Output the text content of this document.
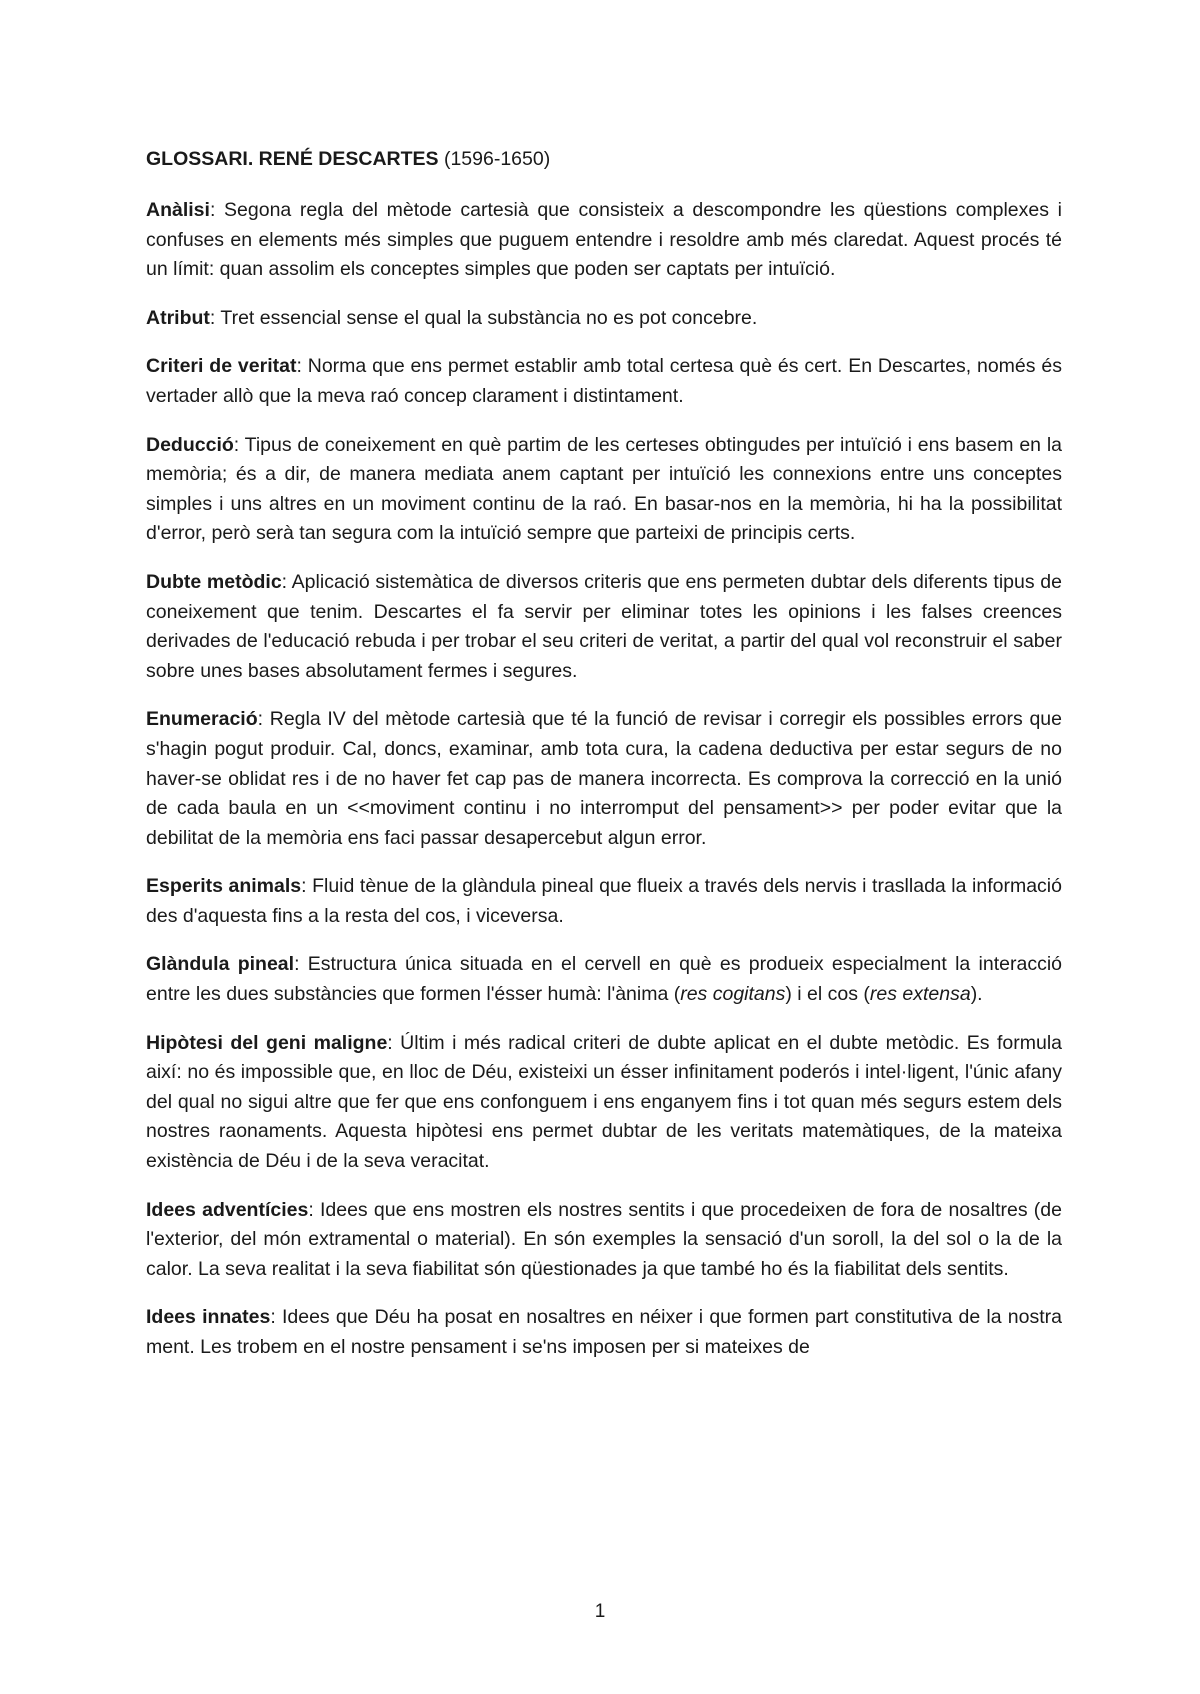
GLOSSARI. RENÉ DESCARTES (1596-1650)

Anàlisi: Segona regla del mètode cartesià que consisteix a descompondre les qüestions complexes i confuses en elements més simples que puguem entendre i resoldre amb més claredat. Aquest procés té un límit: quan assolim els conceptes simples que poden ser captats per intuïció.

Atribut: Tret essencial sense el qual la substància no es pot concebre.

Criteri de veritat: Norma que ens permet establir amb total certesa què és cert. En Descartes, només és vertader allò que la meva raó concep clarament i distintament.

Deducció: Tipus de coneixement en què partim de les certeses obtingudes per intuïció i ens basem en la memòria; és a dir, de manera mediata anem captant per intuïció les connexions entre uns conceptes simples i uns altres en un moviment continu de la raó. En basar-nos en la memòria, hi ha la possibilitat d'error, però serà tan segura com la intuïció sempre que parteixi de principis certs.

Dubte metòdic: Aplicació sistemàtica de diversos criteris que ens permeten dubtar dels diferents tipus de coneixement que tenim. Descartes el fa servir per eliminar totes les opinions i les falses creences derivades de l'educació rebuda i per trobar el seu criteri de veritat, a partir del qual vol reconstruir el saber sobre unes bases absolutament fermes i segures.

Enumeració: Regla IV del mètode cartesià que té la funció de revisar i corregir els possibles errors que s'hagin pogut produir. Cal, doncs, examinar, amb tota cura, la cadena deductiva per estar segurs de no haver-se oblidat res i de no haver fet cap pas de manera incorrecta. Es comprova la correcció en la unió de cada baula en un <<moviment continu i no interromput del pensament>> per poder evitar que la debilitat de la memòria ens faci passar desapercebut algun error.

Esperits animals: Fluid tènue de la glàndula pineal que flueix a través dels nervis i trasllada la informació des d'aquesta fins a la resta del cos, i viceversa.

Glàndula pineal: Estructura única situada en el cervell en què es produeix especialment la interacció entre les dues substàncies que formen l'ésser humà: l'ànima (res cogitans) i el cos (res extensa).

Hipòtesi del geni maligne: Últim i més radical criteri de dubte aplicat en el dubte metòdic. Es formula així: no és impossible que, en lloc de Déu, existeixi un ésser infinitament poderós i intel·ligent, l'únic afany del qual no sigui altre que fer que ens confonguem i ens enganyem fins i tot quan més segurs estem dels nostres raonaments. Aquesta hipòtesi ens permet dubtar de les veritats matemàtiques, de la mateixa existència de Déu i de la seva veracitat.

Idees adventícies: Idees que ens mostren els nostres sentits i que procedeixen de fora de nosaltres (de l'exterior, del món extramental o material). En són exemples la sensació d'un soroll, la del sol o la de la calor. La seva realitat i la seva fiabilitat són qüestionades ja que també ho és la fiabilitat dels sentits.

Idees innates: Idees que Déu ha posat en nosaltres en néixer i que formen part constitutiva de la nostra ment. Les trobem en el nostre pensament i se'ns imposen per si mateixes de

1
